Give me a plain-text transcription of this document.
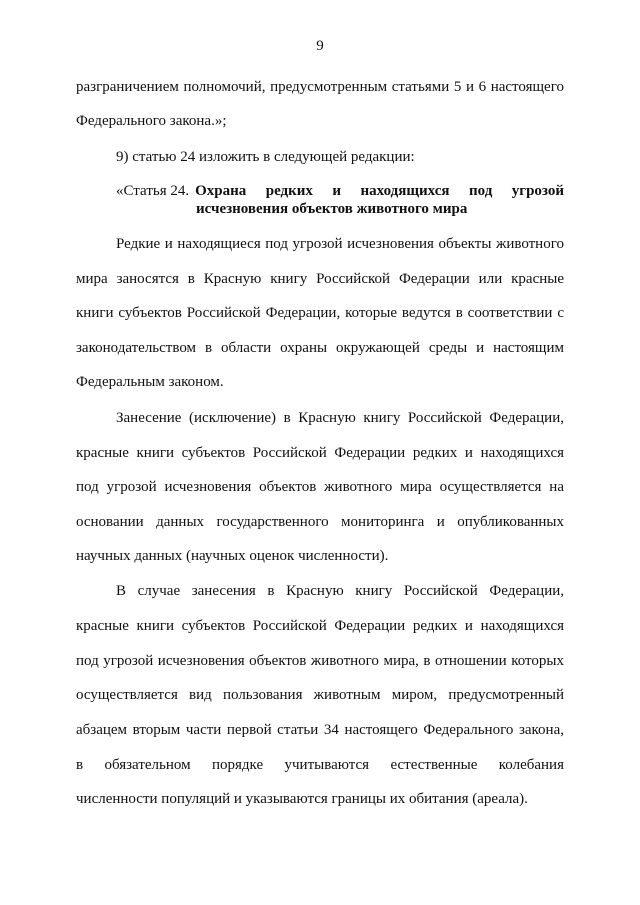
9
разграничением полномочий, предусмотренным статьями 5 и 6 настоящего
Федерального закона.»;
9) статью 24 изложить в следующей редакции:
«Статья 24. Охрана редких и находящихся под угрозой
исчезновения объектов животного мира
Редкие и находящиеся под угрозой исчезновения объекты животного
мира заносятся в Красную книгу Российской Федерации или красные
книги субъектов Российской Федерации, которые ведутся в соответствии с
законодательством в области охраны окружающей среды и настоящим
Федеральным законом.
Занесение (исключение) в Красную книгу Российской Федерации,
красные книги субъектов Российской Федерации редких и находящихся
под угрозой исчезновения объектов животного мира осуществляется на
основании данных государственного мониторинга и опубликованных
научных данных (научных оценок численности).
В случае занесения в Красную книгу Российской Федерации,
красные книги субъектов Российской Федерации редких и находящихся
под угрозой исчезновения объектов животного мира, в отношении которых
осуществляется вид пользования животным миром, предусмотренный
абзацем вторым части первой статьи 34 настоящего Федерального закона,
в обязательном порядке учитываются естественные колебания
численности популяций и указываются границы их обитания (ареала).
